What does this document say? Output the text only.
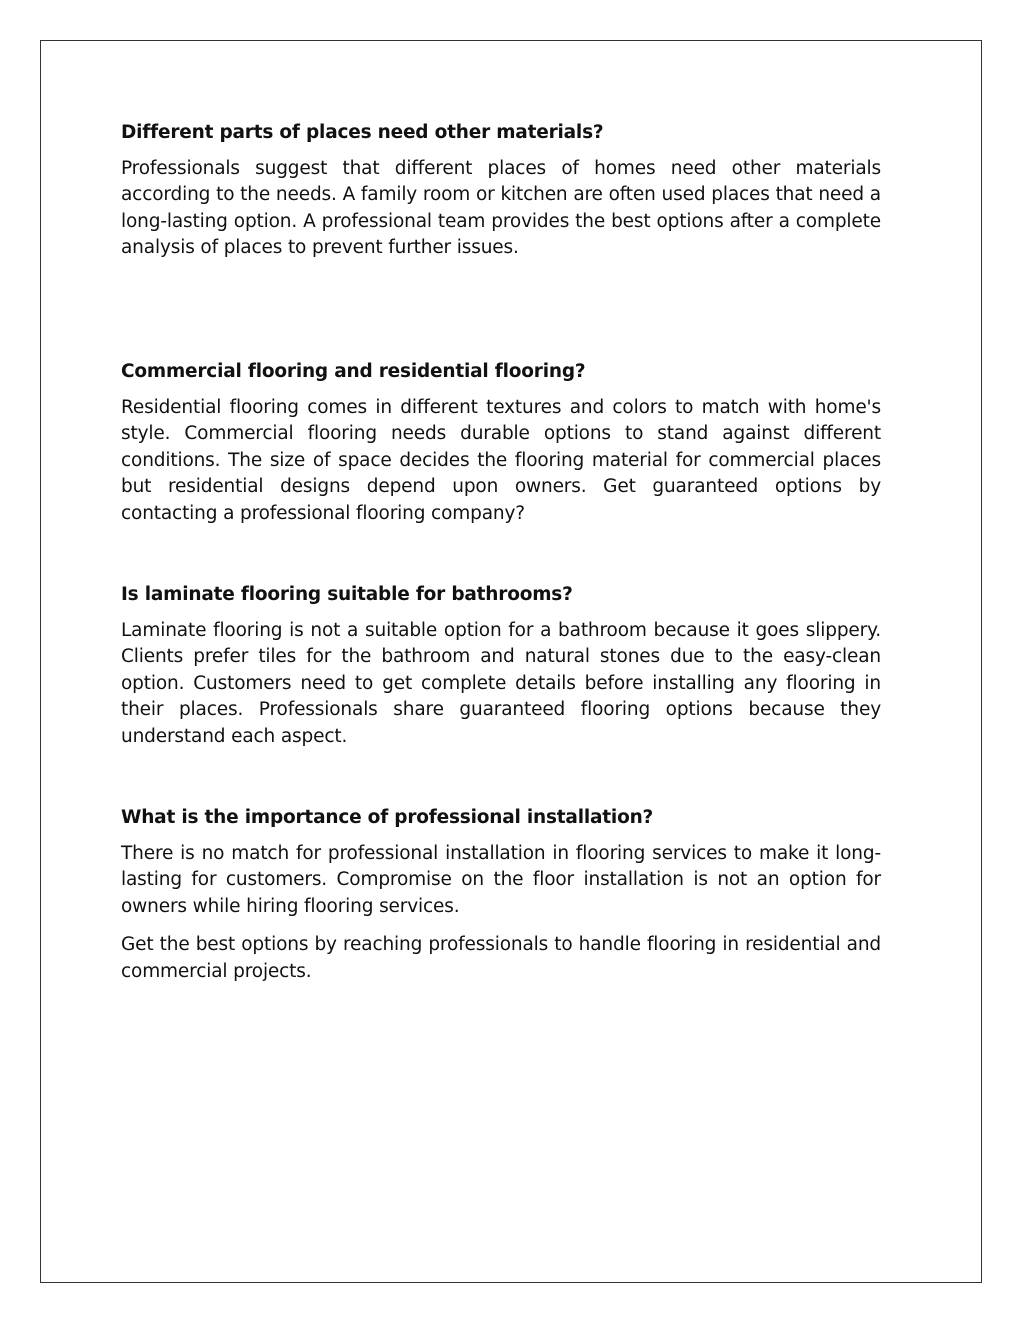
Different parts of places need other materials?

Professionals suggest that different places of homes need other materials according to the needs. A family room or kitchen are often used places that need a long-lasting option. A professional team provides the best options after a complete analysis of places to prevent further issues.

Commercial flooring and residential flooring?

Residential flooring comes in different textures and colors to match with home's style. Commercial flooring needs durable options to stand against different conditions. The size of space decides the flooring material for commercial places but residential designs depend upon owners. Get guaranteed options by contacting a professional flooring company?

Is laminate flooring suitable for bathrooms?

Laminate flooring is not a suitable option for a bathroom because it goes slippery. Clients prefer tiles for the bathroom and natural stones due to the easy-clean option. Customers need to get complete details before installing any flooring in their places. Professionals share guaranteed flooring options because they understand each aspect.

What is the importance of professional installation?

There is no match for professional installation in flooring services to make it long-lasting for customers. Compromise on the floor installation is not an option for owners while hiring flooring services.

Get the best options by reaching professionals to handle flooring in residential and commercial projects.
